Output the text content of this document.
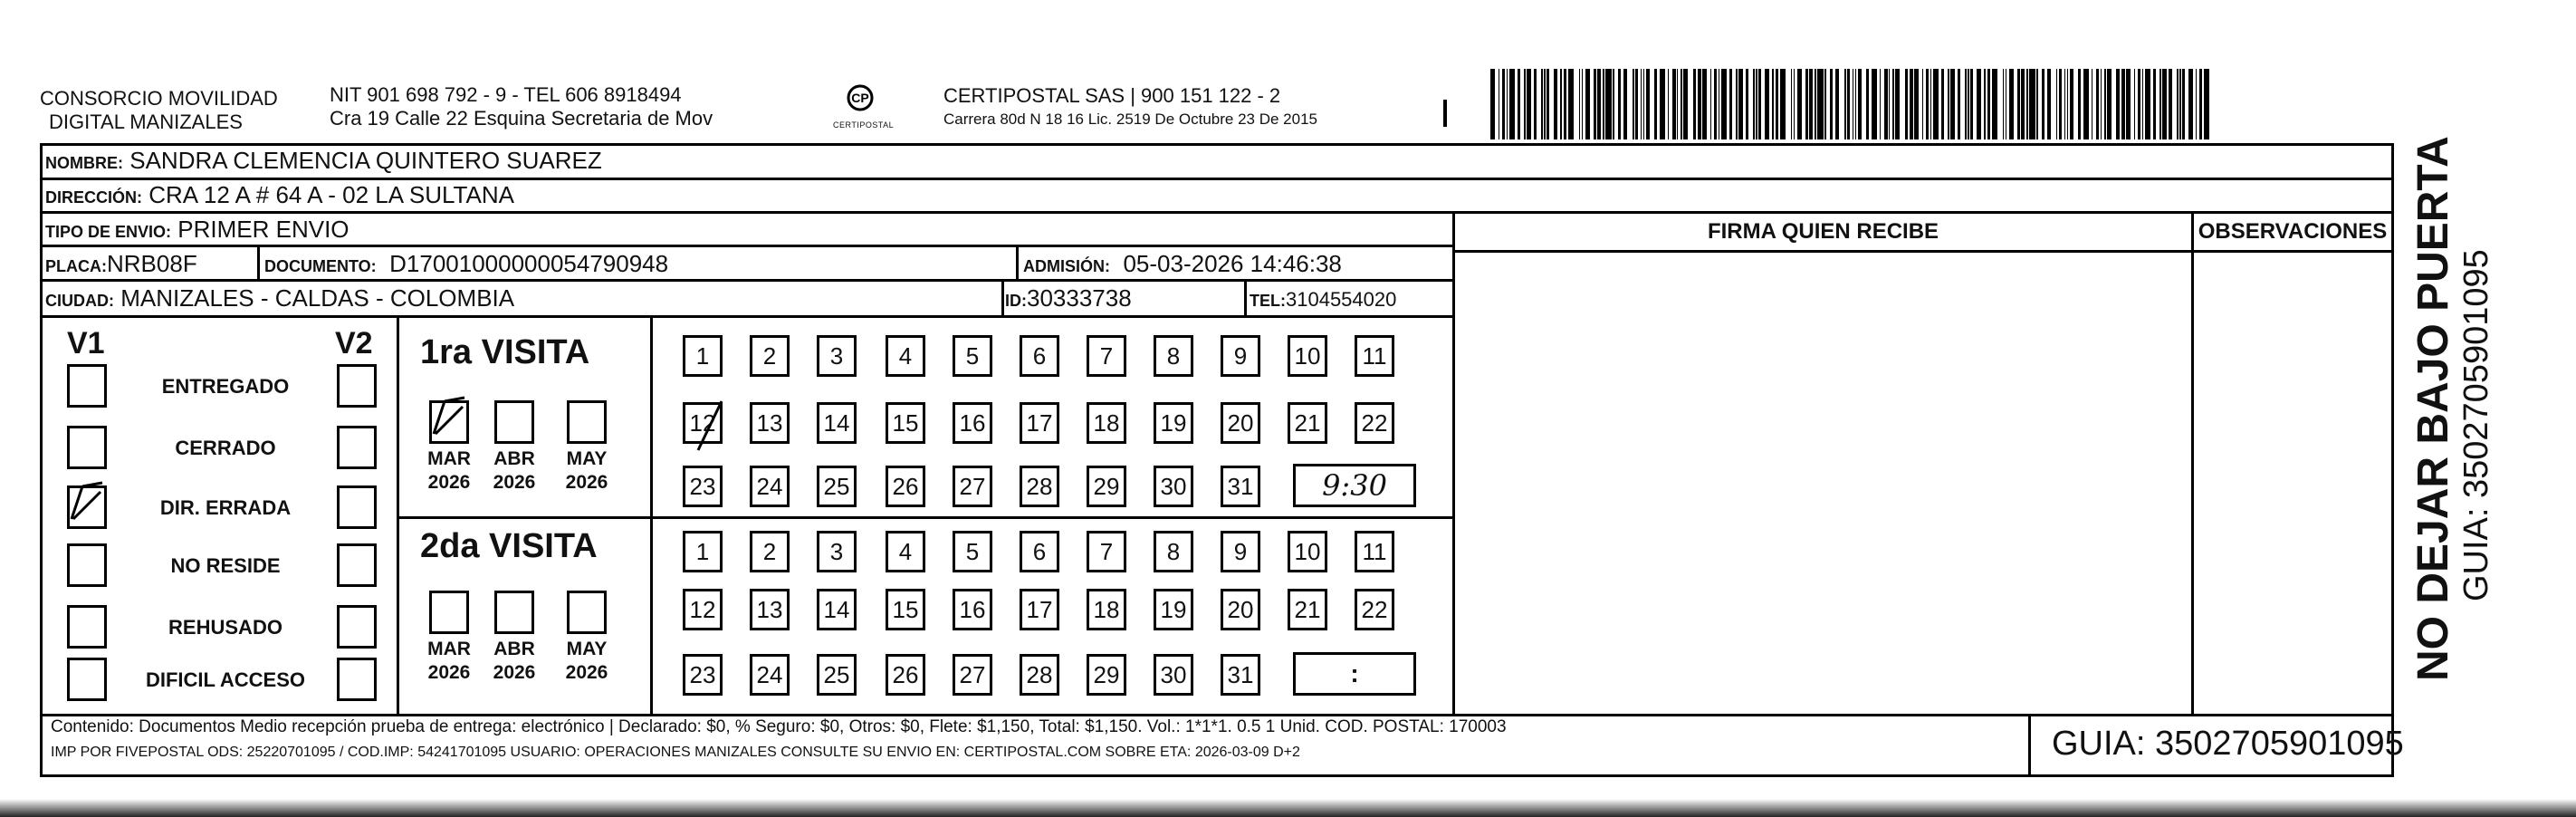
CONSORCIO MOVILIDAD
DIGITAL MANIZALES
NIT 901 698 792 - 9 - TEL 606 8918494
Cra 19 Calle 22 Esquina Secretaria de Mov
CP
CERTIPOSTAL
CERTIPOSTAL SAS | 900 151 122 - 2
Carrera 80d N 18 16 Lic. 2519 De Octubre 23 De 2015
NOMBRE: SANDRA CLEMENCIA QUINTERO SUAREZ
DIRECCIÓN: CRA 12 A # 64 A - 02 LA SULTANA
TIPO DE ENVIO: PRIMER ENVIO
PLACA:NRB08F	DOCUMENTO: D17001000000054790948	ADMISIÓN: 05-03-2026 14:46:38
CIUDAD: MANIZALES - CALDAS - COLOMBIA	ID:30333738	TEL:3104554020
FIRMA QUIEN RECIBE	OBSERVACIONES
V1	V2
ENTREGADO
CERRADO
DIR. ERRADA
NO RESIDE
REHUSADO
DIFICIL ACCESO
1ra VISITA
MAR
2026
ABR
2026
MAY
2026
1 2 3 4 5 6 7 8 9 10 11
12 13 14 15 16 17 18 19 20 21 22
23 24 25 26 27 28 29 30 31 9:30
2da VISITA
MAR
2026
ABR
2026
MAY
2026
1 2 3 4 5 6 7 8 9 10 11
12 13 14 15 16 17 18 19 20 21 22
23 24 25 26 27 28 29 30 31	:
Contenido: Documentos Medio recepción prueba de entrega: electrónico | Declarado: $0, % Seguro: $0, Otros: $0, Flete: $1,150, Total: $1,150. Vol.: 1*1*1. 0.5 1 Unid. COD. POSTAL: 170003
IMP POR FIVEPOSTAL ODS: 25220701095 / COD.IMP: 54241701095 USUARIO: OPERACIONES MANIZALES CONSULTE SU ENVIO EN: CERTIPOSTAL.COM SOBRE ETA: 2026-03-09 D+2	GUIA: 3502705901095
NO DEJAR BAJO PUERTA GUIA: 3502705901095
